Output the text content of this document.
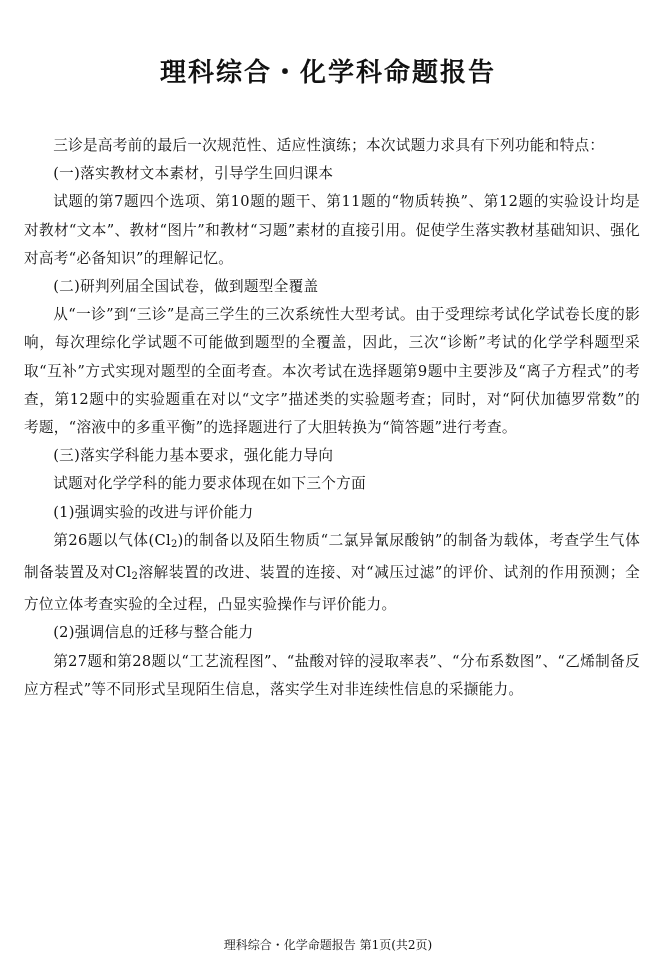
理科综合・化学科命题报告

三诊是高考前的最后一次规范性、适应性演练；本次试题力求具有下列功能和特点：

(一)落实教材文本素材，引导学生回归课本

试题的第7题四个选项、第10题的题干、第11题的“物质转换”、第12题的实验设计均是对教材“文本”、教材“图片”和教材“习题”素材的直接引用。促使学生落实教材基础知识、强化对高考“必备知识”的理解记忆。

(二)研判列届全国试卷，做到题型全覆盖

从“一诊”到“三诊”是高三学生的三次系统性大型考试。由于受理综考试化学试卷长度的影响，每次理综化学试题不可能做到题型的全覆盖，因此，三次“诊断”考试的化学学科题型采取“互补”方式实现对题型的全面考查。本次考试在选择题第9题中主要涉及“离子方程式”的考查，第12题中的实验题重在对以“文字”描述类的实验题考查；同时，对“阿伏加德罗常数”的考题，“溶液中的多重平衡”的选择题进行了大胆转换为“简答题”进行考查。

(三)落实学科能力基本要求，强化能力导向

试题对化学学科的能力要求体现在如下三个方面

(1)强调实验的改进与评价能力

第26题以气体$(Cl_2)$的制备以及陌生物质“二氯异氰尿酸钠”的制备为载体，考查学生气体制备装置及对$Cl_2$溶解装置的改进、装置的连接、对“减压过滤”的评价、试剂的作用预测；全方位立体考查实验的全过程，凸显实验操作与评价能力。

(2)强调信息的迁移与整合能力

第27题和第28题以“工艺流程图”、“盐酸对锌的浸取率表”、“分布系数图”、“乙烯制备反应方程式”等不同形式呈现陌生信息，落实学生对非连续性信息的采撷能力。

理科综合・化学命题报告 第1页(共2页)
